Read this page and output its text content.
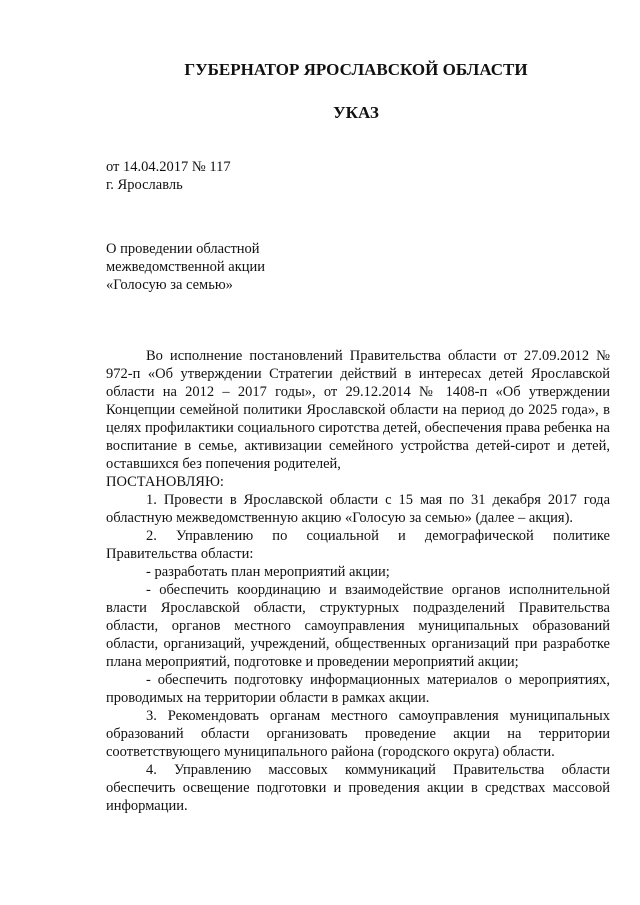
ГУБЕРНАТОР ЯРОСЛАВСКОЙ ОБЛАСТИ
УКАЗ
от 14.04.2017 № 117
г. Ярославль
О проведении областной
межведомственной акции
«Голосую за семью»

Во исполнение постановлений Правительства области от 27.09.2012 № 972-п «Об утверждении Стратегии действий в интересах детей Ярославской области на 2012 – 2017 годы», от 29.12.2014 № 1408-п «Об утверждении Концепции семейной политики Ярославской области на период до 2025 года», в целях профилактики социального сиротства детей, обеспечения права ребенка на воспитание в семье, активизации семейного устройства детей-сирот и детей, оставшихся без попечения родителей,

ПОСТАНОВЛЯЮ:

1. Провести в Ярославской области с 15 мая по 31 декабря 2017 года областную межведомственную акцию «Голосую за семью» (далее – акция).

2. Управлению по социальной и демографической политике Правительства области:

- разработать план мероприятий акции;

- обеспечить координацию и взаимодействие органов исполнительной власти Ярославской области, структурных подразделений Правительства области, органов местного самоуправления муниципальных образований области, организаций, учреждений, общественных организаций при разработке плана мероприятий, подготовке и проведении мероприятий акции;

- обеспечить подготовку информационных материалов о мероприятиях, проводимых на территории области в рамках акции.

3. Рекомендовать органам местного самоуправления муниципальных образований области организовать проведение акции на территории соответствующего муниципального района (городского округа) области.

4. Управлению массовых коммуникаций Правительства области обеспечить освещение подготовки и проведения акции в средствах массовой информации.
